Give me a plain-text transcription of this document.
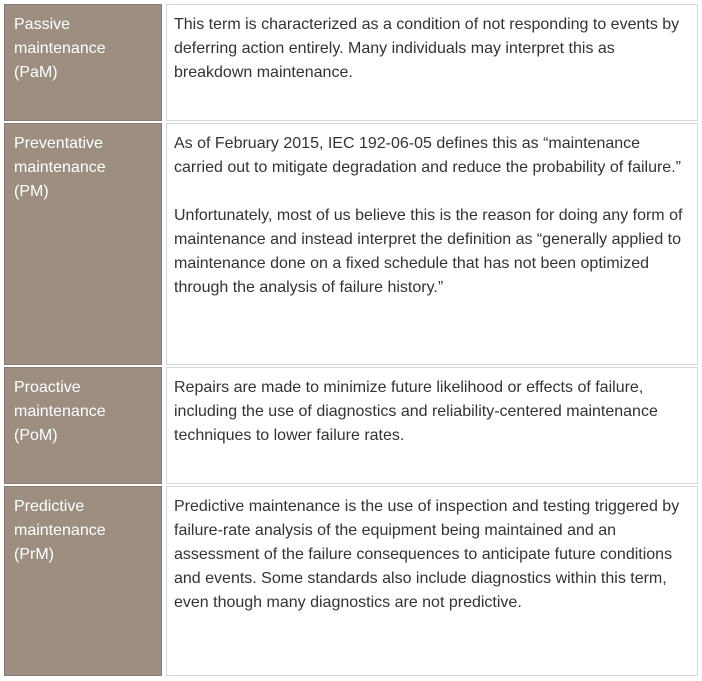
Passive
maintenance
(PaM)

This term is characterized as a condition of not responding to events by deferring action entirely. Many individuals may interpret this as breakdown maintenance.

Preventative
maintenance
(PM)

As of February 2015, IEC 192-06-05 defines this as “maintenance carried out to mitigate degradation and reduce the probability of failure.”

Unfortunately, most of us believe this is the reason for doing any form of maintenance and instead interpret the definition as “generally applied to maintenance done on a fixed schedule that has not been optimized through the analysis of failure history.”

Proactive
maintenance
(PoM)

Repairs are made to minimize future likelihood or effects of failure, including the use of diagnostics and reliability-centered maintenance techniques to lower failure rates.

Predictive
maintenance
(PrM)

Predictive maintenance is the use of inspection and testing triggered by failure-rate analysis of the equipment being maintained and an assessment of the failure consequences to anticipate future conditions and events. Some standards also include diagnostics within this term, even though many diagnostics are not predictive.
